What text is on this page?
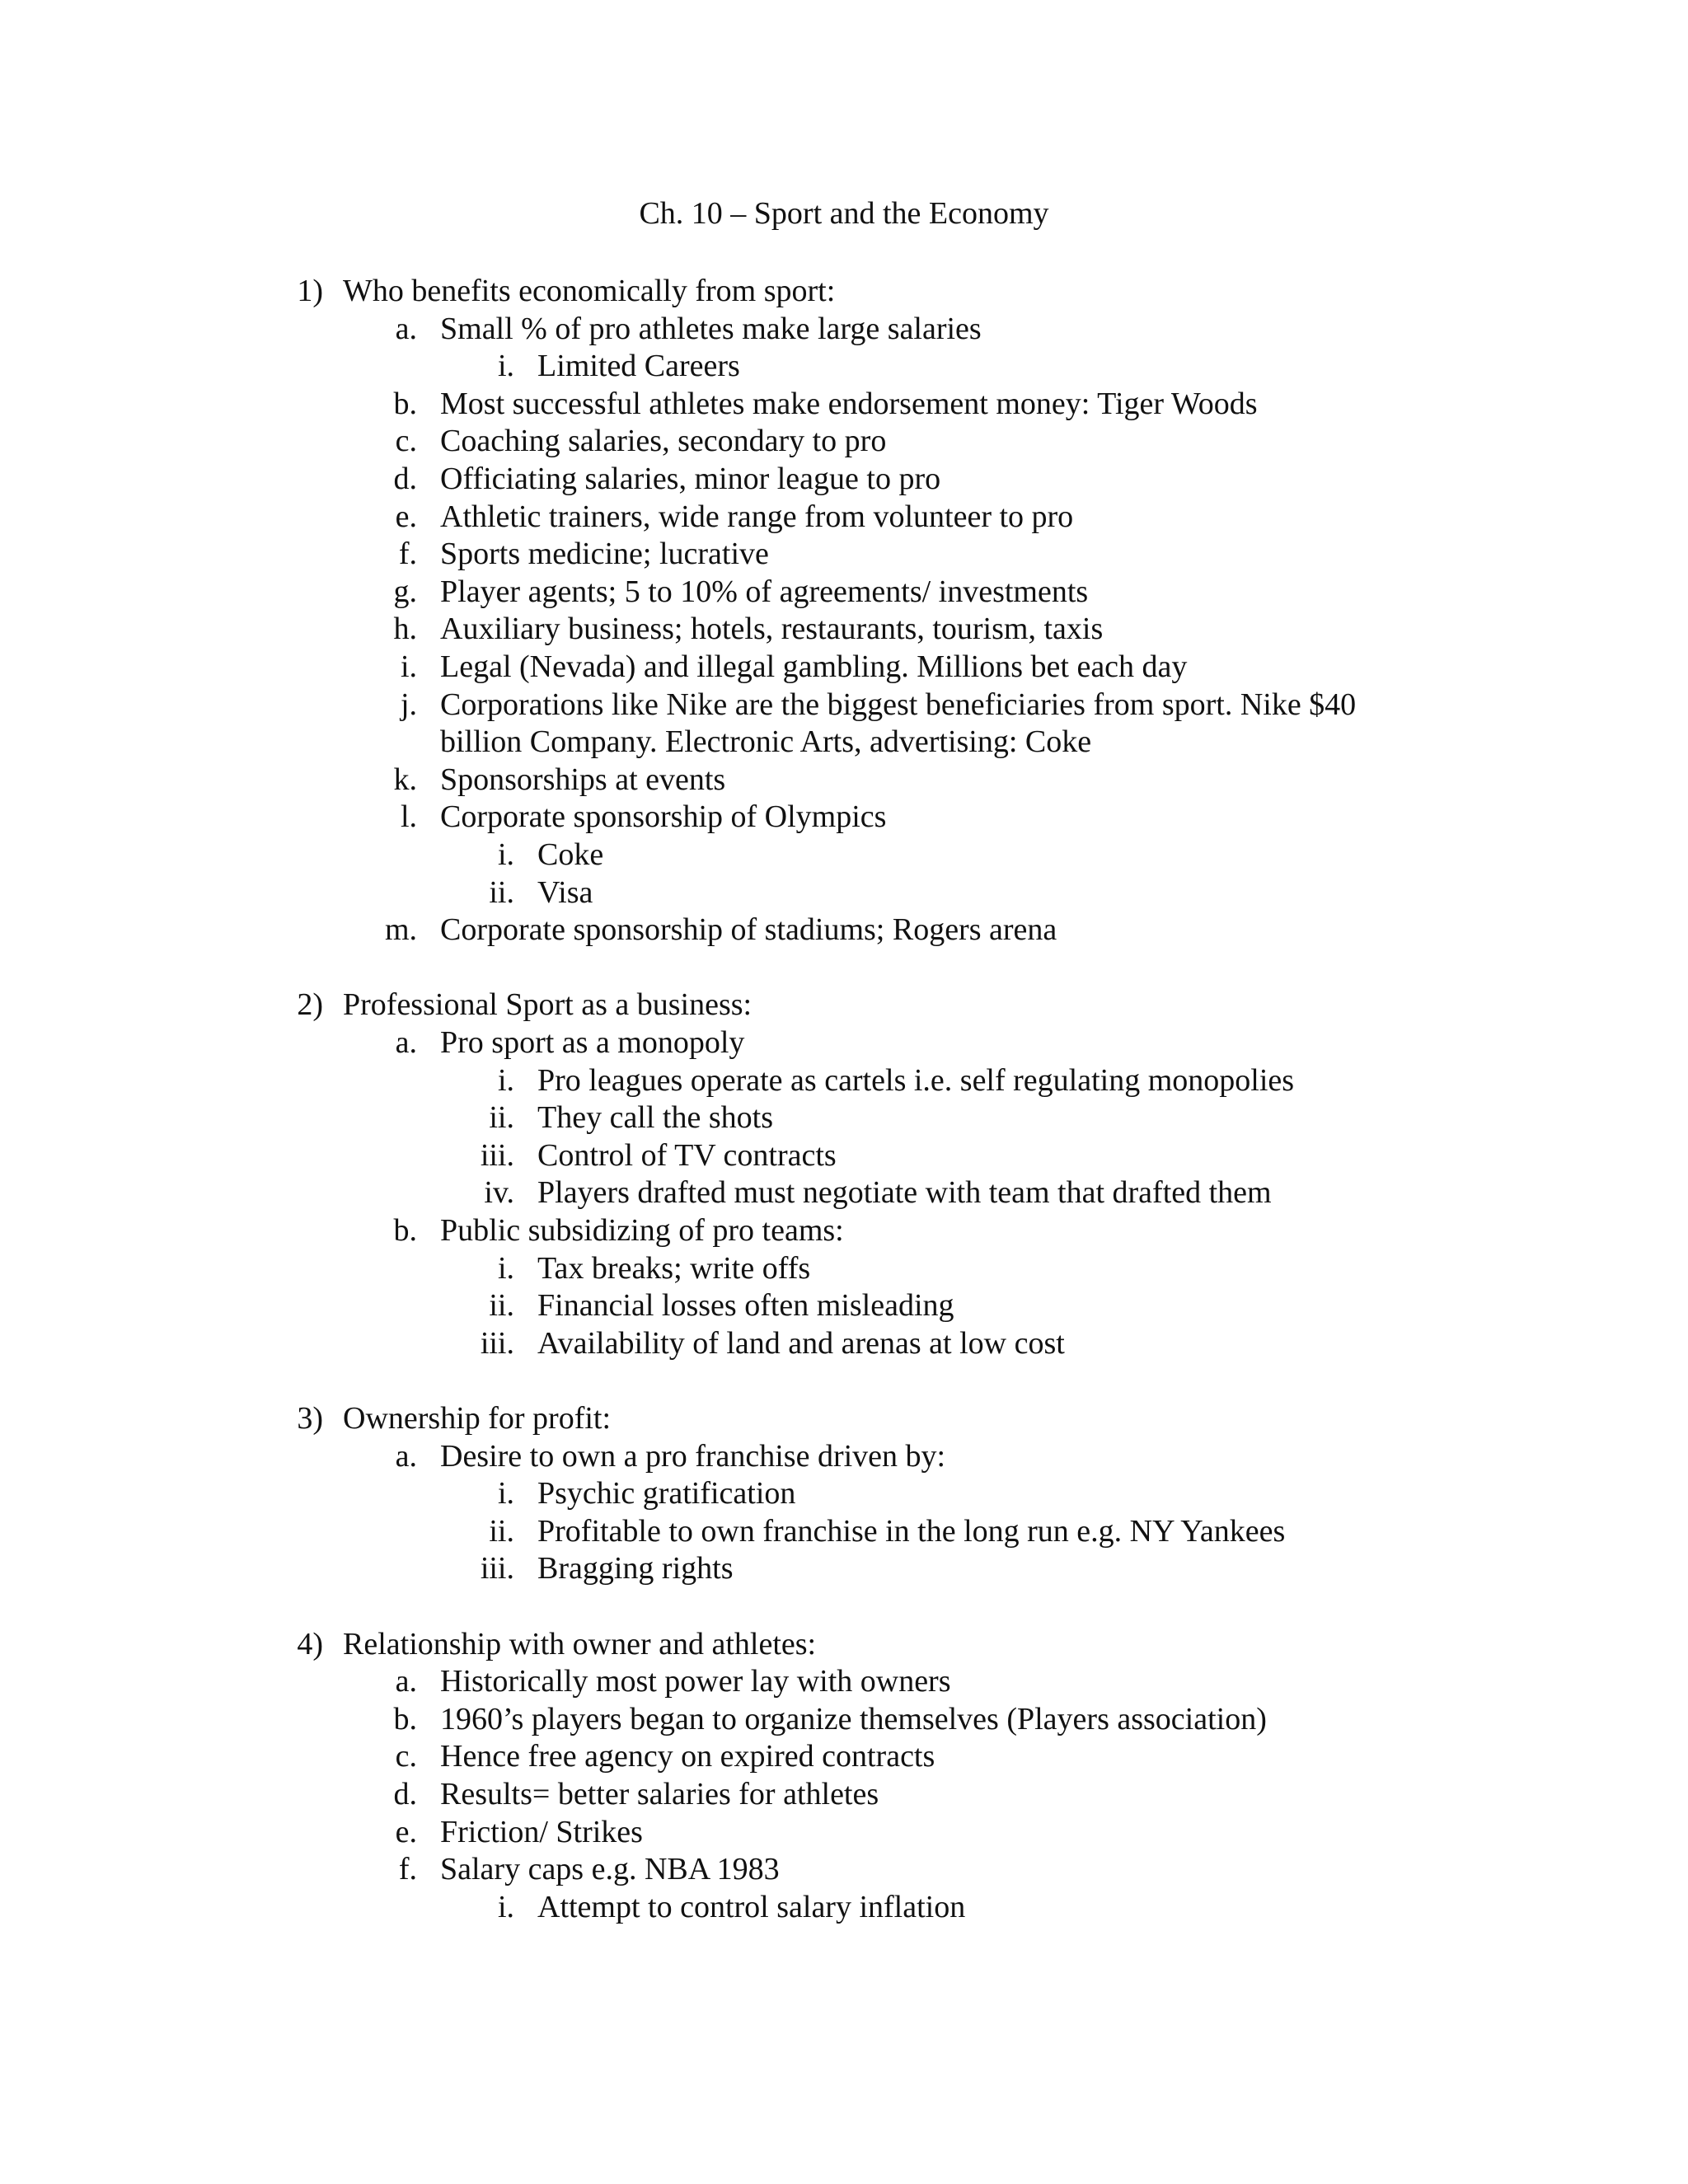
Ch. 10 – Sport and the Economy
1) Who benefits economically from sport:
a. Small % of pro athletes make large salaries
i. Limited Careers
b. Most successful athletes make endorsement money: Tiger Woods
c. Coaching salaries, secondary to pro
d. Officiating salaries, minor league to pro
e. Athletic trainers, wide range from volunteer to pro
f. Sports medicine; lucrative
g. Player agents; 5 to 10% of agreements/ investments
h. Auxiliary business; hotels, restaurants, tourism, taxis
i. Legal (Nevada) and illegal gambling. Millions bet each day
j. Corporations like Nike are the biggest beneficiaries from sport. Nike $40
billion Company. Electronic Arts, advertising: Coke
k. Sponsorships at events
l. Corporate sponsorship of Olympics
i. Coke
ii. Visa
m. Corporate sponsorship of stadiums; Rogers arena
2) Professional Sport as a business:
a. Pro sport as a monopoly
i. Pro leagues operate as cartels i.e. self regulating monopolies
ii. They call the shots
iii. Control of TV contracts
iv. Players drafted must negotiate with team that drafted them
b. Public subsidizing of pro teams:
i. Tax breaks; write offs
ii. Financial losses often misleading
iii. Availability of land and arenas at low cost
3) Ownership for profit:
a. Desire to own a pro franchise driven by:
i. Psychic gratification
ii. Profitable to own franchise in the long run e.g. NY Yankees
iii. Bragging rights
4) Relationship with owner and athletes:
a. Historically most power lay with owners
b. 1960’s players began to organize themselves (Players association)
c. Hence free agency on expired contracts
d. Results= better salaries for athletes
e. Friction/ Strikes
f. Salary caps e.g. NBA 1983
i. Attempt to control salary inflation
